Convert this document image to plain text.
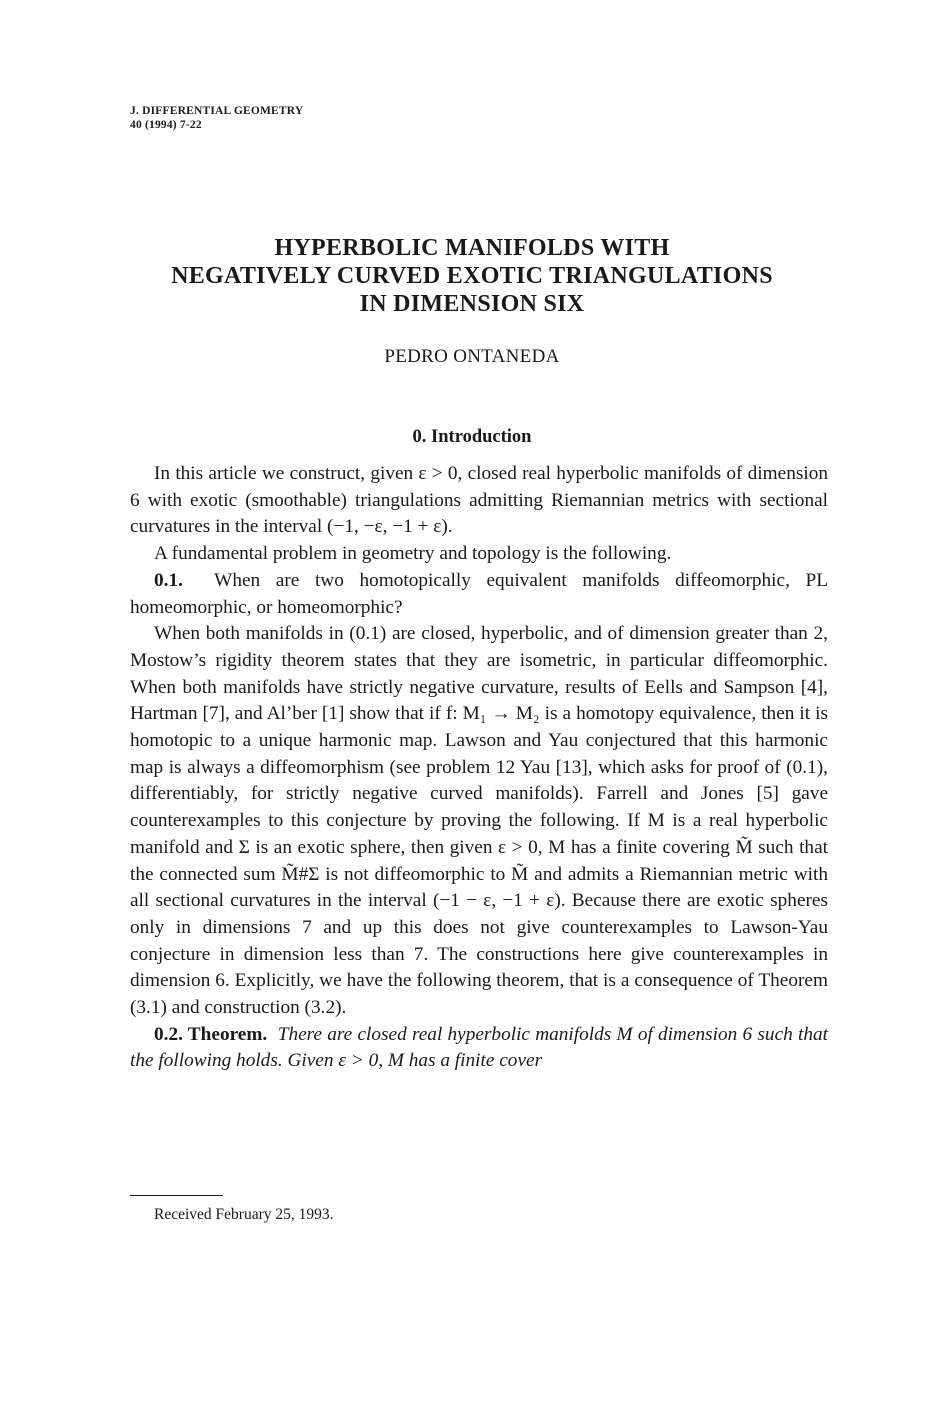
J. DIFFERENTIAL GEOMETRY
40 (1994) 7-22
HYPERBOLIC MANIFOLDS WITH
NEGATIVELY CURVED EXOTIC TRIANGULATIONS
IN DIMENSION SIX
PEDRO ONTANEDA
0. Introduction

In this article we construct, given ε > 0, closed real hyperbolic manifolds of dimension 6 with exotic (smoothable) triangulations admitting Riemannian metrics with sectional curvatures in the interval (−1, −ε, −1 + ε).

A fundamental problem in geometry and topology is the following.

0.1. When are two homotopically equivalent manifolds diffeomorphic, PL homeomorphic, or homeomorphic?

When both manifolds in (0.1) are closed, hyperbolic, and of dimension greater than 2, Mostow’s rigidity theorem states that they are isometric, in particular diffeomorphic. When both manifolds have strictly negative curvature, results of Eells and Sampson [4], Hartman [7], and Al’ber [1] show that if f: M₁ → M₂ is a homotopy equivalence, then it is homotopic to a unique harmonic map. Lawson and Yau conjectured that this harmonic map is always a diffeomorphism (see problem 12 Yau [13], which asks for proof of (0.1), differentiably, for strictly negative curved manifolds). Farrell and Jones [5] gave counterexamples to this conjecture by proving the following. If M is a real hyperbolic manifold and Σ is an exotic sphere, then given ε > 0, M has a finite covering M̃ such that the connected sum M̃#Σ is not diffeomorphic to M̃ and admits a Riemannian metric with all sectional curvatures in the interval (−1 − ε, −1 + ε). Because there are exotic spheres only in dimensions 7 and up this does not give counterexamples to Lawson-Yau conjecture in dimension less than 7. The constructions here give counterexamples in dimension 6. Explicitly, we have the following theorem, that is a consequence of Theorem (3.1) and construction (3.2).

0.2. Theorem. There are closed real hyperbolic manifolds M of dimension 6 such that the following holds. Given ε > 0, M has a finite cover

Received February 25, 1993.
